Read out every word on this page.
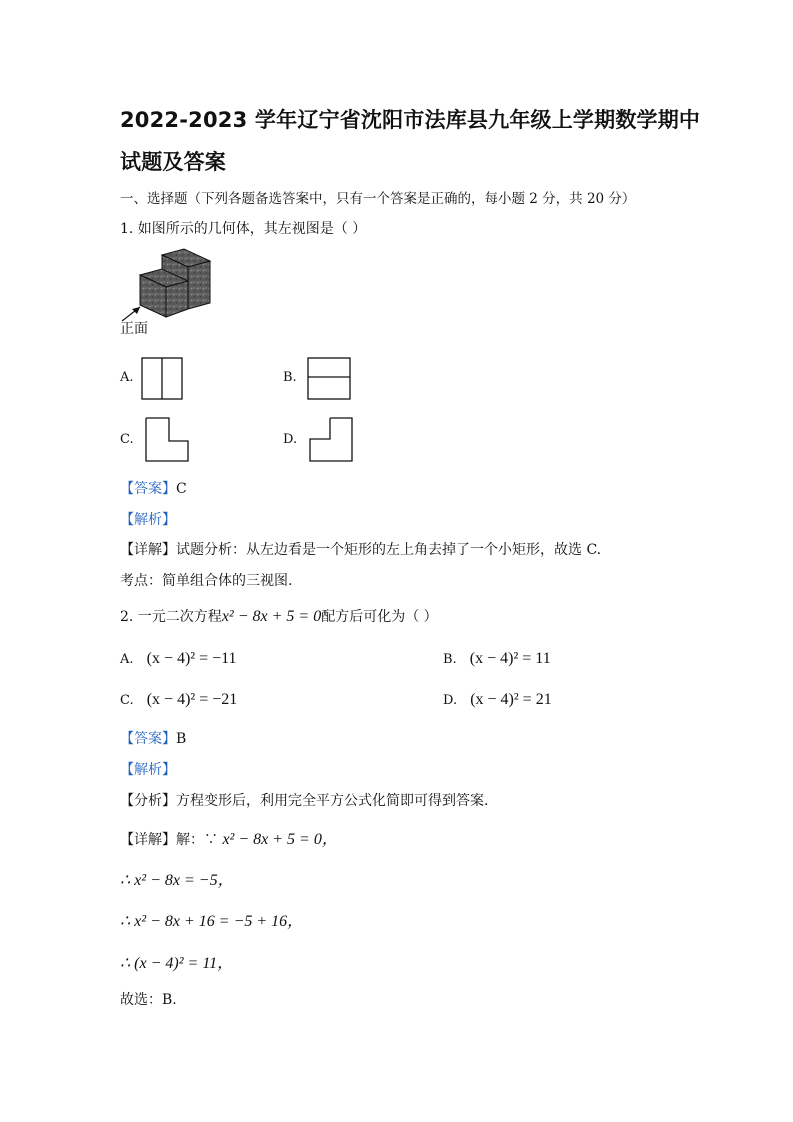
2022-2023 学年辽宁省沈阳市法库县九年级上学期数学期中
试题及答案
一、选择题（下列各题备选答案中，只有一个答案是正确的，每小题 2 分，共 20 分）
1. 如图所示的几何体，其左视图是（ ）
正面
A.	B.
C.	D.
【答案】C
【解析】
【详解】试题分析：从左边看是一个矩形的左上角去掉了一个小矩形，故选 C.
考点：简单组合体的三视图.
2. 一元二次方程x² − 8x + 5 = 0配方后可化为（ ）
A. (x − 4)² = −11	B. (x − 4)² = 11
C. (x − 4)² = −21	D. (x − 4)² = 21
【答案】B
【解析】
【分析】方程变形后，利用完全平方公式化简即可得到答案.
【详解】解：∵ x² − 8x + 5 = 0，
∴ x² − 8x = −5，
∴ x² − 8x + 16 = −5 + 16，
∴ (x − 4)² = 11，
故选：B.
